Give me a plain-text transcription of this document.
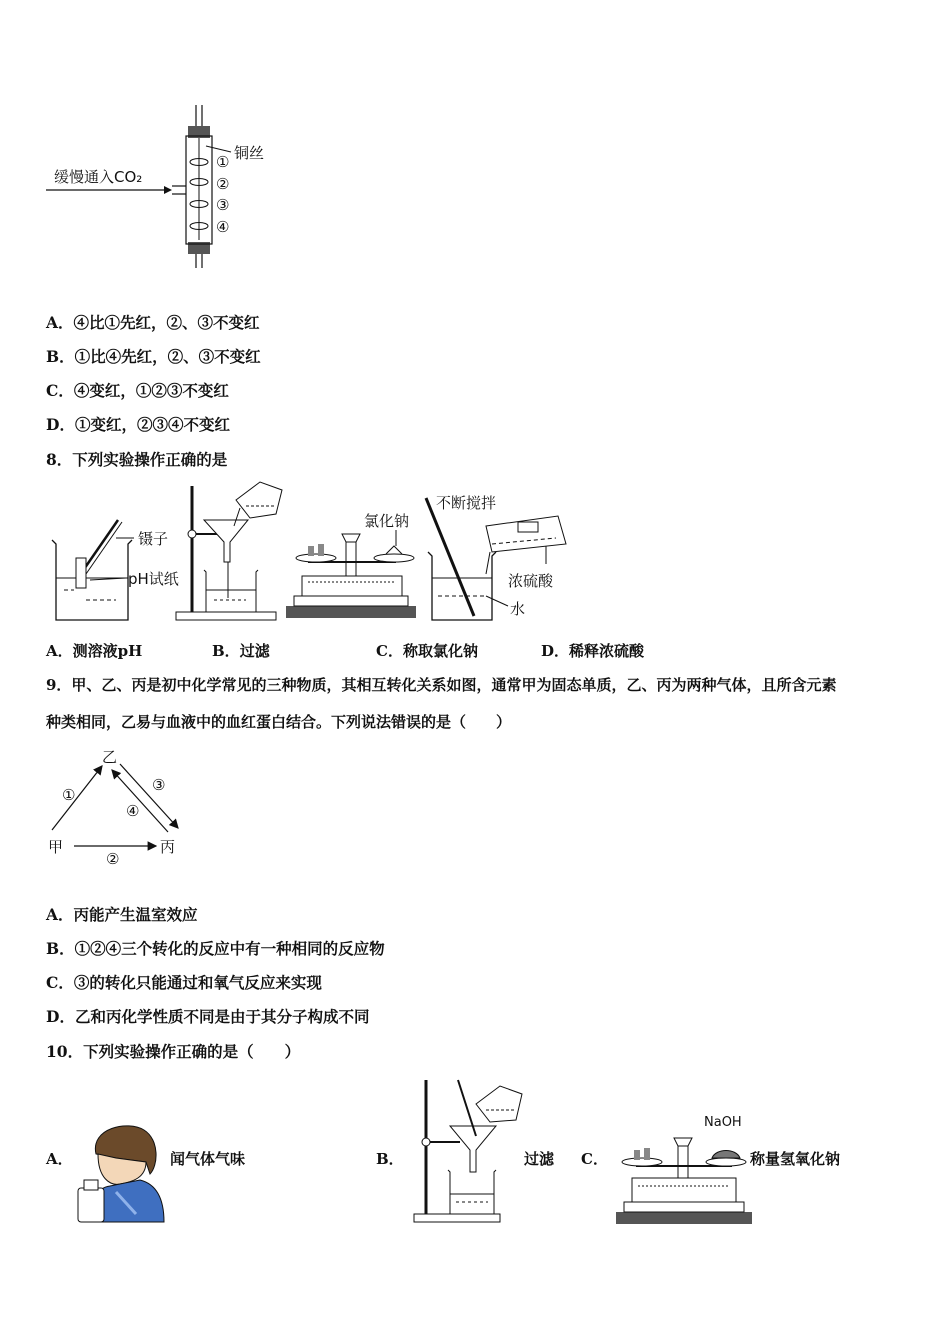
缓慢通入CO₂
铜丝
①
②
③
④
A．④比①先红，②、③不变红
B．①比④先红，②、③不变红
C．④变红，①②③不变红
D．①变红，②③④不变红
8．下列实验操作正确的是
镊子
pH试纸
氯化钠
不断搅拌
浓硫酸
水
A．测溶液pH	B．过滤	C．称取氯化钠	D．稀释浓硫酸
9．甲、乙、丙是初中化学常见的三种物质，其相互转化关系如图，通常甲为固态单质，乙、丙为两种气体，且所含元素
种类相同，乙易与血液中的血红蛋白结合。下列说法错误的是（　　）
乙
甲	丙
①
③
④
②
A．丙能产生温室效应
B．①②④三个转化的反应中有一种相同的反应物
C．③的转化只能通过和氧气反应来实现
D．乙和丙化学性质不同是由于其分子构成不同
10．下列实验操作正确的是（　　）
A．	闻气体气味	B．	过滤 C．
NaOH
称量氢氧化钠
